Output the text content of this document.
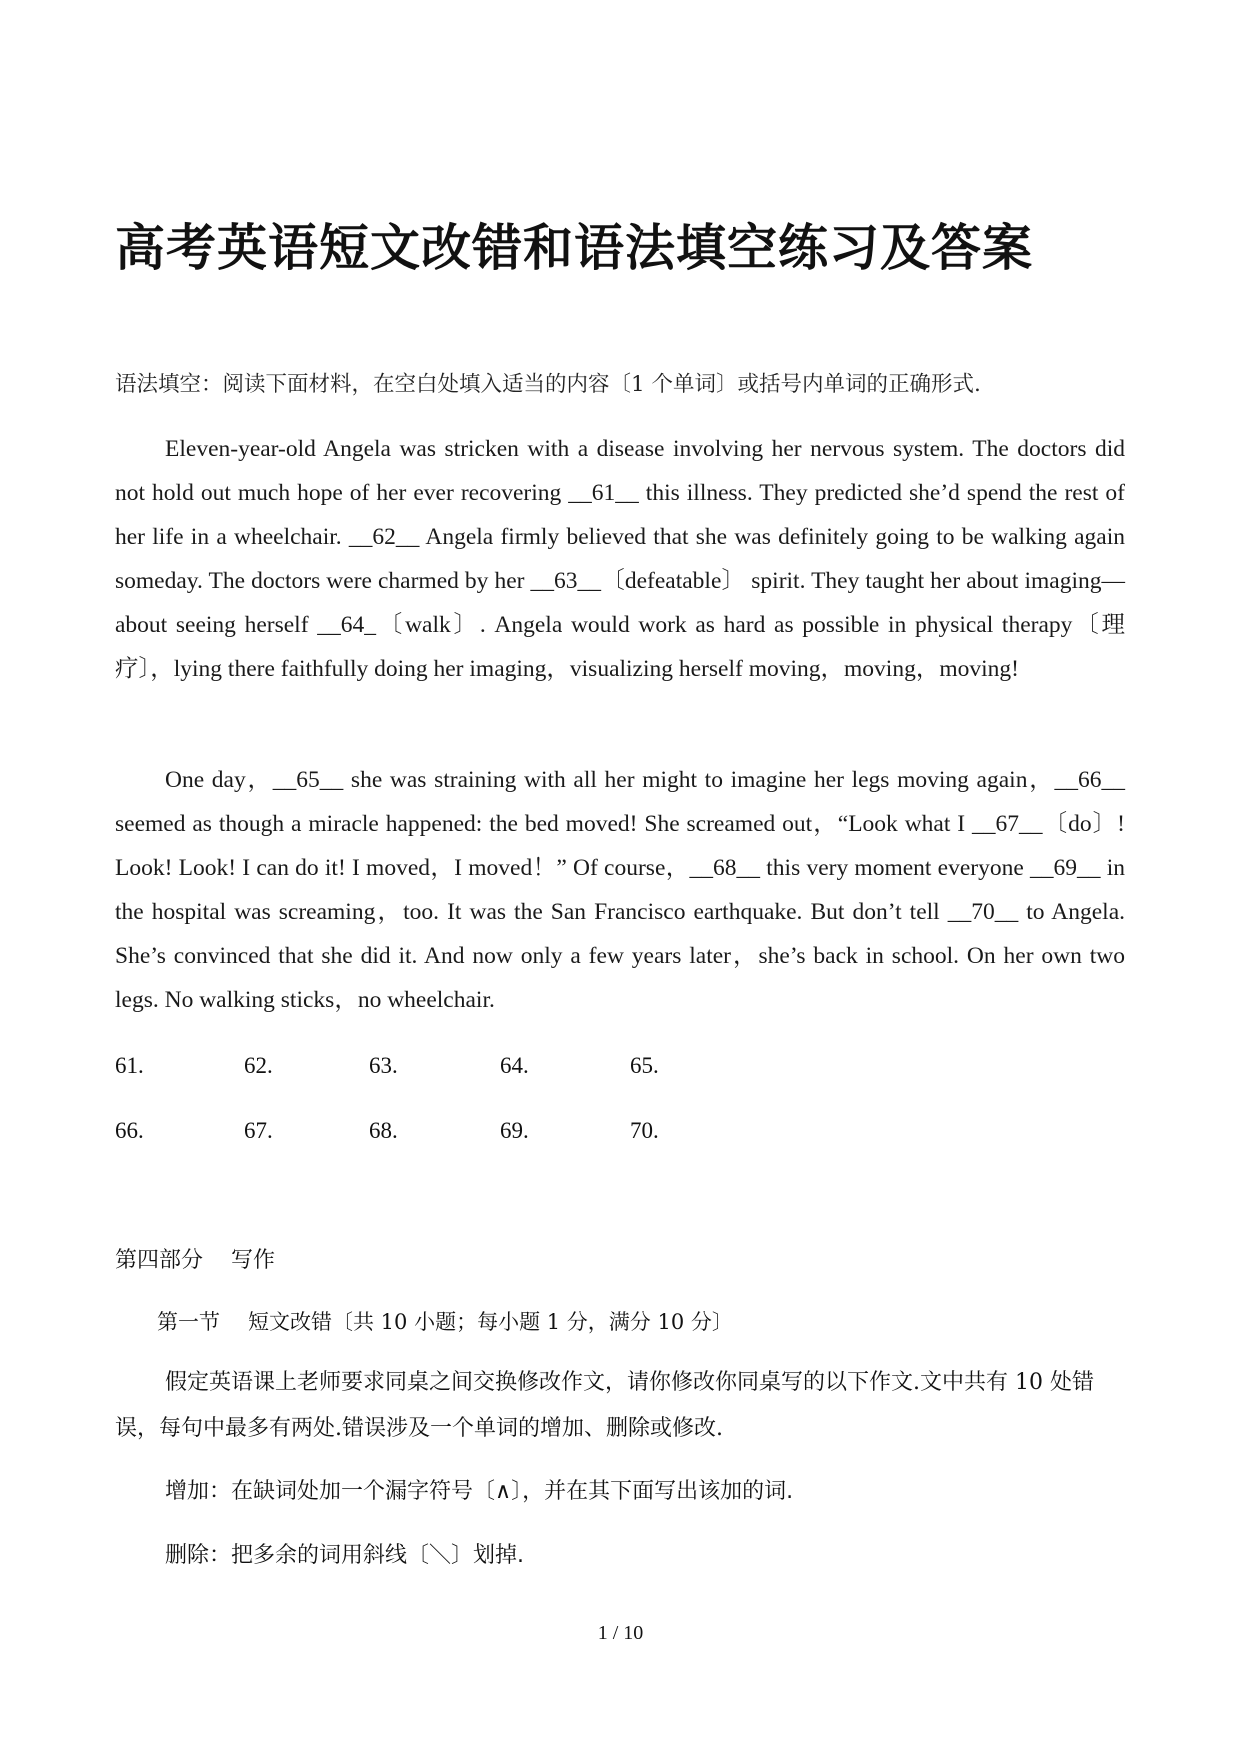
高考英语短文改错和语法填空练习及答案
语法填空：阅读下面材料，在空白处填入适当的内容〔1 个单词〕或括号内单词的正确形式.
Eleven-year-old Angela was stricken with a disease involving her nervous system. The doctors did not hold out much hope of her ever recovering __61__ this illness. They predicted she’d spend the rest of her life in a wheelchair. __62__ Angela firmly believed that she was definitely going to be walking again someday. The doctors were charmed by her __63__〔defeatable〕 spirit. They taught her about imaging—about seeing herself __64_〔walk〕. Angela would work as hard as possible in physical therapy〔理疗〕，lying there faithfully doing her imaging，visualizing herself moving，moving，moving!
One day，__65__ she was straining with all her might to imagine her legs moving again，__66__ seemed as though a miracle happened: the bed moved! She screamed out，“Look what I __67__〔do〕! Look! Look! I can do it! I moved，I moved！” Of course，__68__ this very moment everyone __69__ in the hospital was screaming，too. It was the San Francisco earthquake. But don’t tell __70__ to Angela. She’s convinced that she did it. And now only a few years later，she’s back in school. On her own two legs. No walking sticks，no wheelchair.
61.	62.	63.	64.	65.
66.	67.	68.	69.	70.
第四部分 写作
第一节 短文改错〔共 10 小题；每小题 1 分，满分 10 分〕
假定英语课上老师要求同桌之间交换修改作文，请你修改你同桌写的以下作文.文中共有 10 处错误，每句中最多有两处.错误涉及一个单词的增加、删除或修改.
增加：在缺词处加一个漏字符号〔∧〕，并在其下面写出该加的词.
删除：把多余的词用斜线〔＼〕划掉.
1 / 10
